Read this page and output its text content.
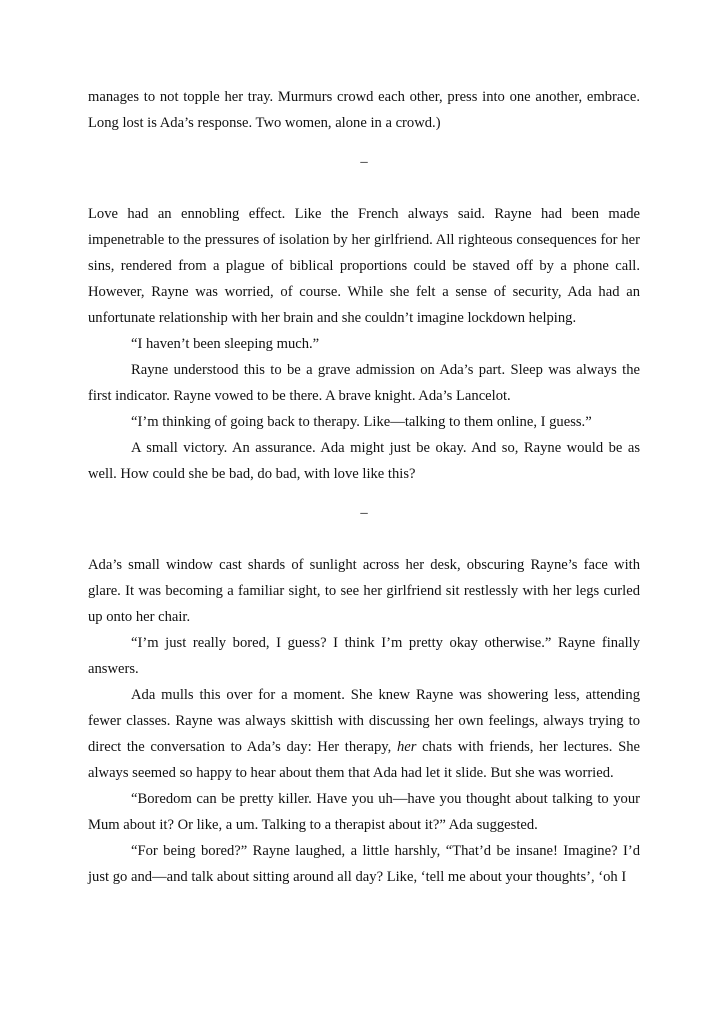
manages to not topple her tray. Murmurs crowd each other, press into one another, embrace. Long lost is Ada’s response. Two women, alone in a crowd.)

–

Love had an ennobling effect. Like the French always said. Rayne had been made impenetrable to the pressures of isolation by her girlfriend. All righteous consequences for her sins, rendered from a plague of biblical proportions could be staved off by a phone call. However, Rayne was worried, of course. While she felt a sense of security, Ada had an unfortunate relationship with her brain and she couldn’t imagine lockdown helping.

“I haven’t been sleeping much.”

Rayne understood this to be a grave admission on Ada’s part. Sleep was always the first indicator. Rayne vowed to be there. A brave knight. Ada’s Lancelot.

“I’m thinking of going back to therapy. Like—talking to them online, I guess.”

A small victory. An assurance. Ada might just be okay. And so, Rayne would be as well. How could she be bad, do bad, with love like this?

–

Ada’s small window cast shards of sunlight across her desk, obscuring Rayne’s face with glare. It was becoming a familiar sight, to see her girlfriend sit restlessly with her legs curled up onto her chair.

“I’m just really bored, I guess? I think I’m pretty okay otherwise.” Rayne finally answers.

Ada mulls this over for a moment. She knew Rayne was showering less, attending fewer classes. Rayne was always skittish with discussing her own feelings, always trying to direct the conversation to Ada’s day: Her therapy, her chats with friends, her lectures. She always seemed so happy to hear about them that Ada had let it slide. But she was worried.

“Boredom can be pretty killer. Have you uh—have you thought about talking to your Mum about it? Or like, a um. Talking to a therapist about it?” Ada suggested.

“For being bored?” Rayne laughed, a little harshly, “That’d be insane! Imagine? I’d just go and—and talk about sitting around all day? Like, ‘tell me about your thoughts’, ‘oh I
